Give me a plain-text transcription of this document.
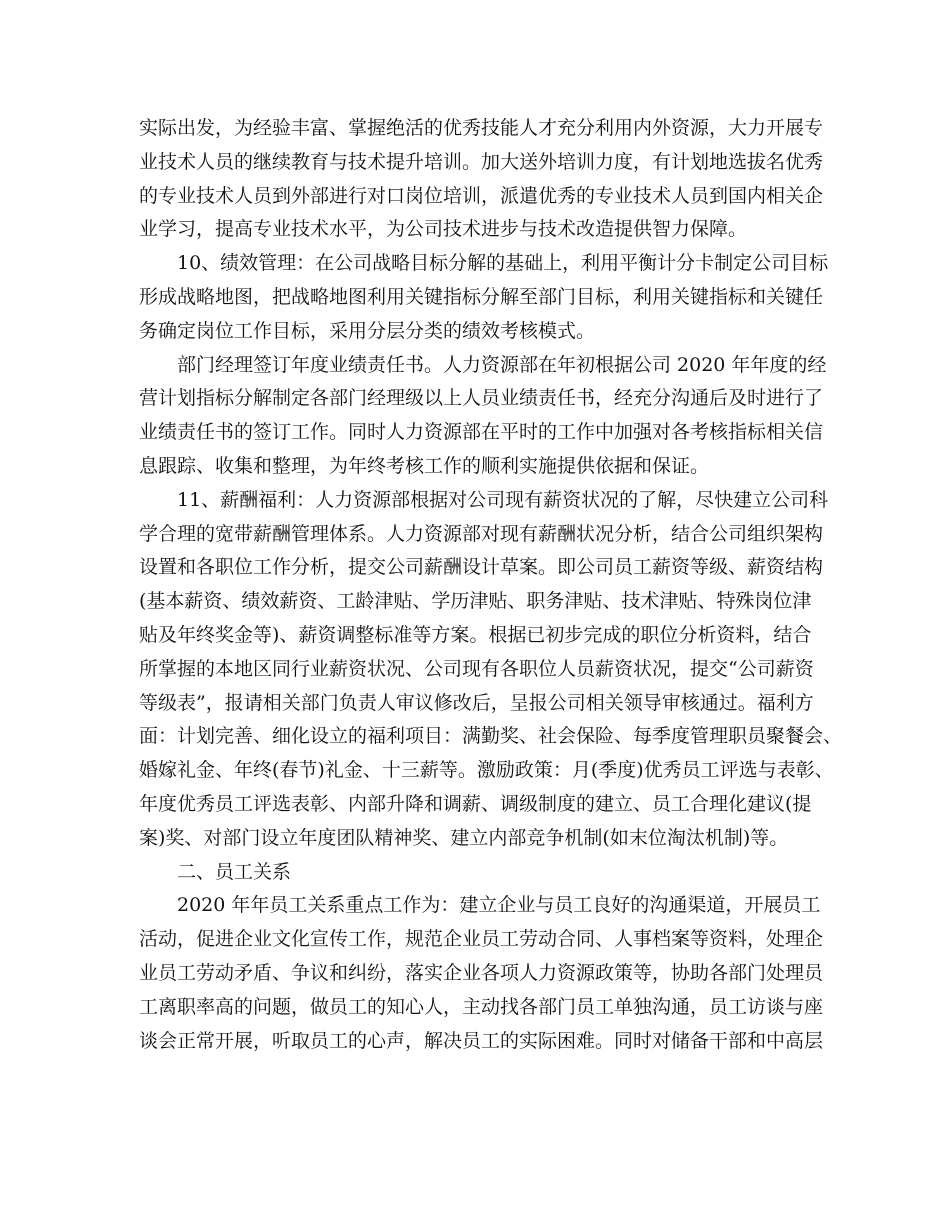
实际出发，为经验丰富、掌握绝活的优秀技能人才充分利用内外资源，大力开展专
业技术人员的继续教育与技术提升培训。加大送外培训力度，有计划地选拔名优秀
的专业技术人员到外部进行对口岗位培训，派遣优秀的专业技术人员到国内相关企
业学习，提高专业技术水平，为公司技术进步与技术改造提供智力保障。
10、绩效管理：在公司战略目标分解的基础上，利用平衡计分卡制定公司目标
形成战略地图，把战略地图利用关键指标分解至部门目标，利用关键指标和关键任
务确定岗位工作目标，采用分层分类的绩效考核模式。
部门经理签订年度业绩责任书。人力资源部在年初根据公司 2020 年年度的经
营计划指标分解制定各部门经理级以上人员业绩责任书，经充分沟通后及时进行了
业绩责任书的签订工作。同时人力资源部在平时的工作中加强对各考核指标相关信
息跟踪、收集和整理，为年终考核工作的顺利实施提供依据和保证。
11、薪酬福利：人力资源部根据对公司现有薪资状况的了解，尽快建立公司科
学合理的宽带薪酬管理体系。人力资源部对现有薪酬状况分析，结合公司组织架构
设置和各职位工作分析，提交公司薪酬设计草案。即公司员工薪资等级、薪资结构
(基本薪资、绩效薪资、工龄津贴、学历津贴、职务津贴、技术津贴、特殊岗位津
贴及年终奖金等)、薪资调整标准等方案。根据已初步完成的职位分析资料，结合
所掌握的本地区同行业薪资状况、公司现有各职位人员薪资状况，提交“公司薪资
等级表”，报请相关部门负责人审议修改后，呈报公司相关领导审核通过。福利方
面：计划完善、细化设立的福利项目：满勤奖、社会保险、每季度管理职员聚餐会、
婚嫁礼金、年终(春节)礼金、十三薪等。激励政策：月(季度)优秀员工评选与表彰、
年度优秀员工评选表彰、内部升降和调薪、调级制度的建立、员工合理化建议(提
案)奖、对部门设立年度团队精神奖、建立内部竞争机制(如末位淘汰机制)等。
二、员工关系
2020 年年员工关系重点工作为：建立企业与员工良好的沟通渠道，开展员工
活动，促进企业文化宣传工作，规范企业员工劳动合同、人事档案等资料，处理企
业员工劳动矛盾、争议和纠纷，落实企业各项人力资源政策等，协助各部门处理员
工离职率高的问题，做员工的知心人，主动找各部门员工单独沟通，员工访谈与座
谈会正常开展，听取员工的心声，解决员工的实际困难。同时对储备干部和中高层
